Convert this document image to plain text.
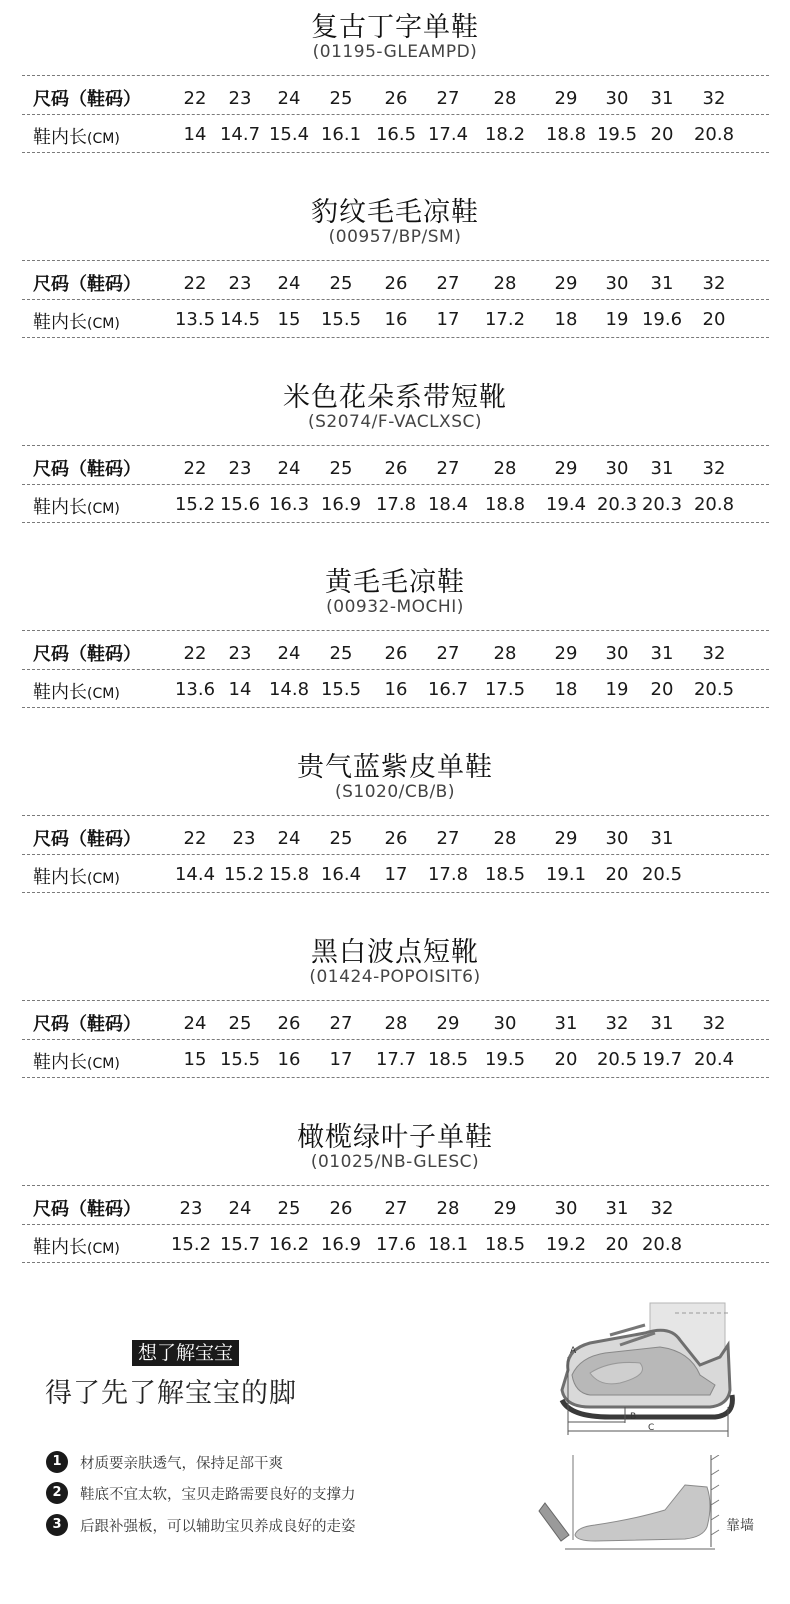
复古丁字单鞋
(01195-GLEAMPD)
尺码（鞋码）
鞋内长(CM)
22	23	24	25	26	27	28	29	30	31	32
14 14.7 15.4 16.1 16.5 17.4 18.2	18.8 19.5 20	20.8
豹纹毛毛凉鞋
(00957/BP/SM)
尺码（鞋码）
鞋内长(CM)
22	23	24	25	26	27	28	29	30	31	32
13.5 14.5 15	15.5	16	17	17.2	18	19 19.6	20
米色花朵系带短靴
(S2074/F-VACLXSC)
尺码（鞋码）
鞋内长(CM)
22	23	24	25	26	27	28	29	30	31	32
15.2 15.6 16.3 16.9 17.8 18.4 18.8	19.4 20.3 20.3 20.8
黄毛毛凉鞋
(00932-MOCHI)
尺码（鞋码）
鞋内长(CM)
22	23	24	25	26	27	28	29	30	31	32
13.6 14 14.8 15.5	16	16.7 17.5	18	19	20	20.5
贵气蓝紫皮单鞋
(S1020/CB/B)
尺码（鞋码）
鞋内长(CM)
22	23	24	25	26	27	28	29	30	31
14.4 15.2 15.8 16.4	17	17.8 18.5	19.1	20 20.5
黑白波点短靴
(01424-POPOISIT6)
尺码（鞋码）
鞋内长(CM)
24	25	26	27	28	29	30	31	32	31	32
15 15.5 16	17	17.7 18.5 19.5	20	20.5 19.7 20.4
橄榄绿叶子单鞋
(01025/NB-GLESC)
尺码（鞋码）
鞋内长(CM)
23	24	25	26	27	28	29	30	31	32
15.2 15.7 16.2 16.9 17.6 18.1 18.5	19.2	20 20.8
想了解宝宝
得了先了解宝宝的脚
1	材质要亲肤透气，保持足部干爽
2	鞋底不宜太软，宝贝走路需要良好的支撑力
3	后跟补强板，可以辅助宝贝养成良好的走姿
A
B
C
靠墙
